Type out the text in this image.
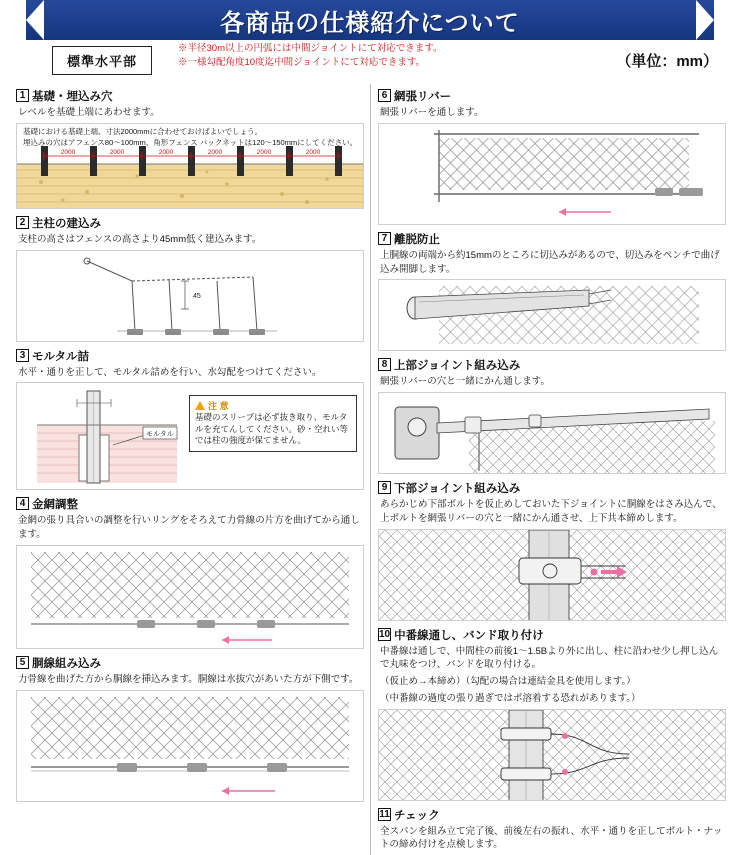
各商品の仕様紹介について
標準水平部
※半径30m以上の円弧には中間ジョイントにて対応できます。
※一様勾配角度10度迄中間ジョイントにて対応できます。	（単位：mm）
1 基礎・埋込み穴
レベルを基礎上端にあわせます。
基礎における基礎上端、寸法2000mmに合わせておけばよいでしょう。
埋込みの穴はアフェンス80～100mm、角形フェンス バックネットは120～150mmにしてください。
2000	2000	2000	2000	2000	2000
2 主柱の建込み
支柱の高さはフェンスの高さより45mm低く建込みます。
45
3 モルタル詰
水平・通りを正して、モルタル詰めを行い、水勾配をつけてください。
モルタル
注 意
基礎のスリーブは必ず抜き取り、モルタルを充てんしてください。砂・空れい等では柱の強度が保てません。
4 金網調整
金網の張り具合いの調整を行いリングをそろえて力骨線の片方を曲げてから通します。
5 胴線組み込み
力骨線を曲げた方から胴線を挿込みます。胴線は水抜穴があいた方が下側です。
6 網張リバー
網張リバーを通します。
7 離脱防止
上胴線の両端から約15mmのところに切込みがあるので、切込みをペンチで曲げ込み開脚します。
8 上部ジョイント組み込み
網張リバーの穴と一緒にかん通します。
9 下部ジョイント組み込み
あらかじめ下部ボルトを仮止めしておいた下ジョイントに胴線をはさみ込んで、上ボルトを網張リバーの穴と一緒にかん通させ、上下共本締めします。
10 中番線通し、バンド取り付け
中番線は通しで、中間柱の前後1～1.5Bより外に出し、柱に沿わせ少し押し込んで丸味をつけ、バンドを取り付ける。
（仮止め→本締め）（勾配の場合は連結金具を使用します。）
（中番線の過度の張り過ぎではポ溶着する恐れがあります。）
11 チェック
全スパンを組み立て完了後、前後左右の振れ、水平・通りを正してボルト・ナットの締め付けを点検します。
